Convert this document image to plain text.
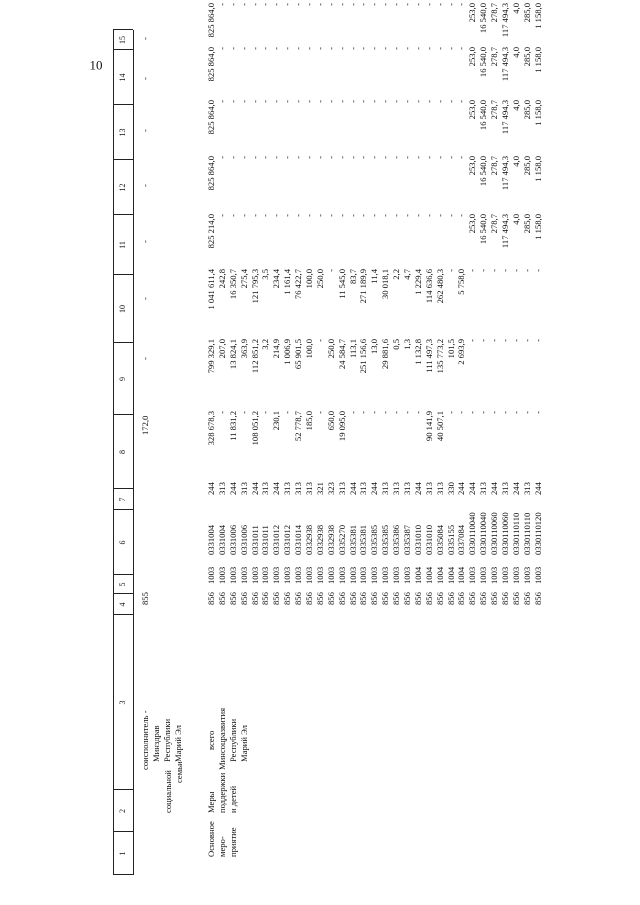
10
1
2
3
4
5
6
7
8
9
10
11
12
13
14
15
Основное меро- приятие
Меры поддержки и детей
социальной семьи
соисполнитель - Минздрав Республики Марий Эл	всего Минсоцразвития Республики Марий Эл
855
172,0
-
-
-
-
-
-
-
856 856 856 856 856 856 856 856 856 856 856 856 856 856 856 856 856 856 856 856 856 856 856 856 856 856 856 856 856 856 856
1003 1003 1003 1003 1003 1003 1003 1003 1003 1003 1003 1003 1003 1003 1003 1003 1003 1003 1003 1004 1004 1004 1004 1004 1003 1003 1003 1003 1003 1003 1003
0331004 0331004 0331006 0331006 0331011 0331011 0331012 0331012 0331014 0332938 0332938 0332938 0335270 0335381 0335381 0335385 0335385 0335386 0335387 0331010 0331010 0335084 0335155 0337084 0330110040 0330110040 0330110060 0330110060 0330110110 0330110110 0330110120
244 313 244 313 244 313 244 313 313 313 321 323 313 244 313 244 313 313 313 244 313 313 330 244 244 313 244 313 244 313 244
328 678,3 - 11 831,2 - 108 051,2 - 230,1 - 52 778,7 185,0 - 650,0 19 095,0 - - - - - - - 90 141,9 40 507,1 - - - - - - - - -
799 329,1 207,0 13 824,1 363,9 112 851,2 3,2 214,9 1 006,9 65 901,5 100,0 - 250,0 24 584,7 113,1 251 156,6 13,0 29 881,6 0,5 1,3 1 132,8 111 497,3 135 773,2 101,5 2 693,9 - - - - - - -
1 041 611,4 242,8 16 350,7 275,4 121 795,3 3,5 234,4 1 161,4 76 422,7 100,0 250,0 - 11 545,0 83,7 271 189,9 11,4 30 018,1 2,2 4,7 1 229,4 114 636,6 262 480,3 - 5 758,0 - - - - - - -
825 214,0 - - - - - - - - - - - - - - - - - - - - - - - 253,0 16 540,0 278,7 117 494,3 4,0 285,0 1 158,0
825 864,0 - - - - - - - - - - - - - - - - - - - - - - - 253,0 16 540,0 278,7 117 494,3 4,0 285,0 1 158,0
825 864,0 - - - - - - - - - - - - - - - - - - - - - - - 253,0 16 540,0 278,7 117 494,3 4,0 285,0 1 158,0
825 864,0 - - - - - - - - - - - - - - - - - - - - - - - 253,0 16 540,0 278,7 117 494,3 4,0 285,0 1 158,0
825 864,0 - - - - - - - - - - - - - - - - - - - - - - - 253,0 16 540,0 278,7 117 494,3 4,0 285,0 1 158,0
